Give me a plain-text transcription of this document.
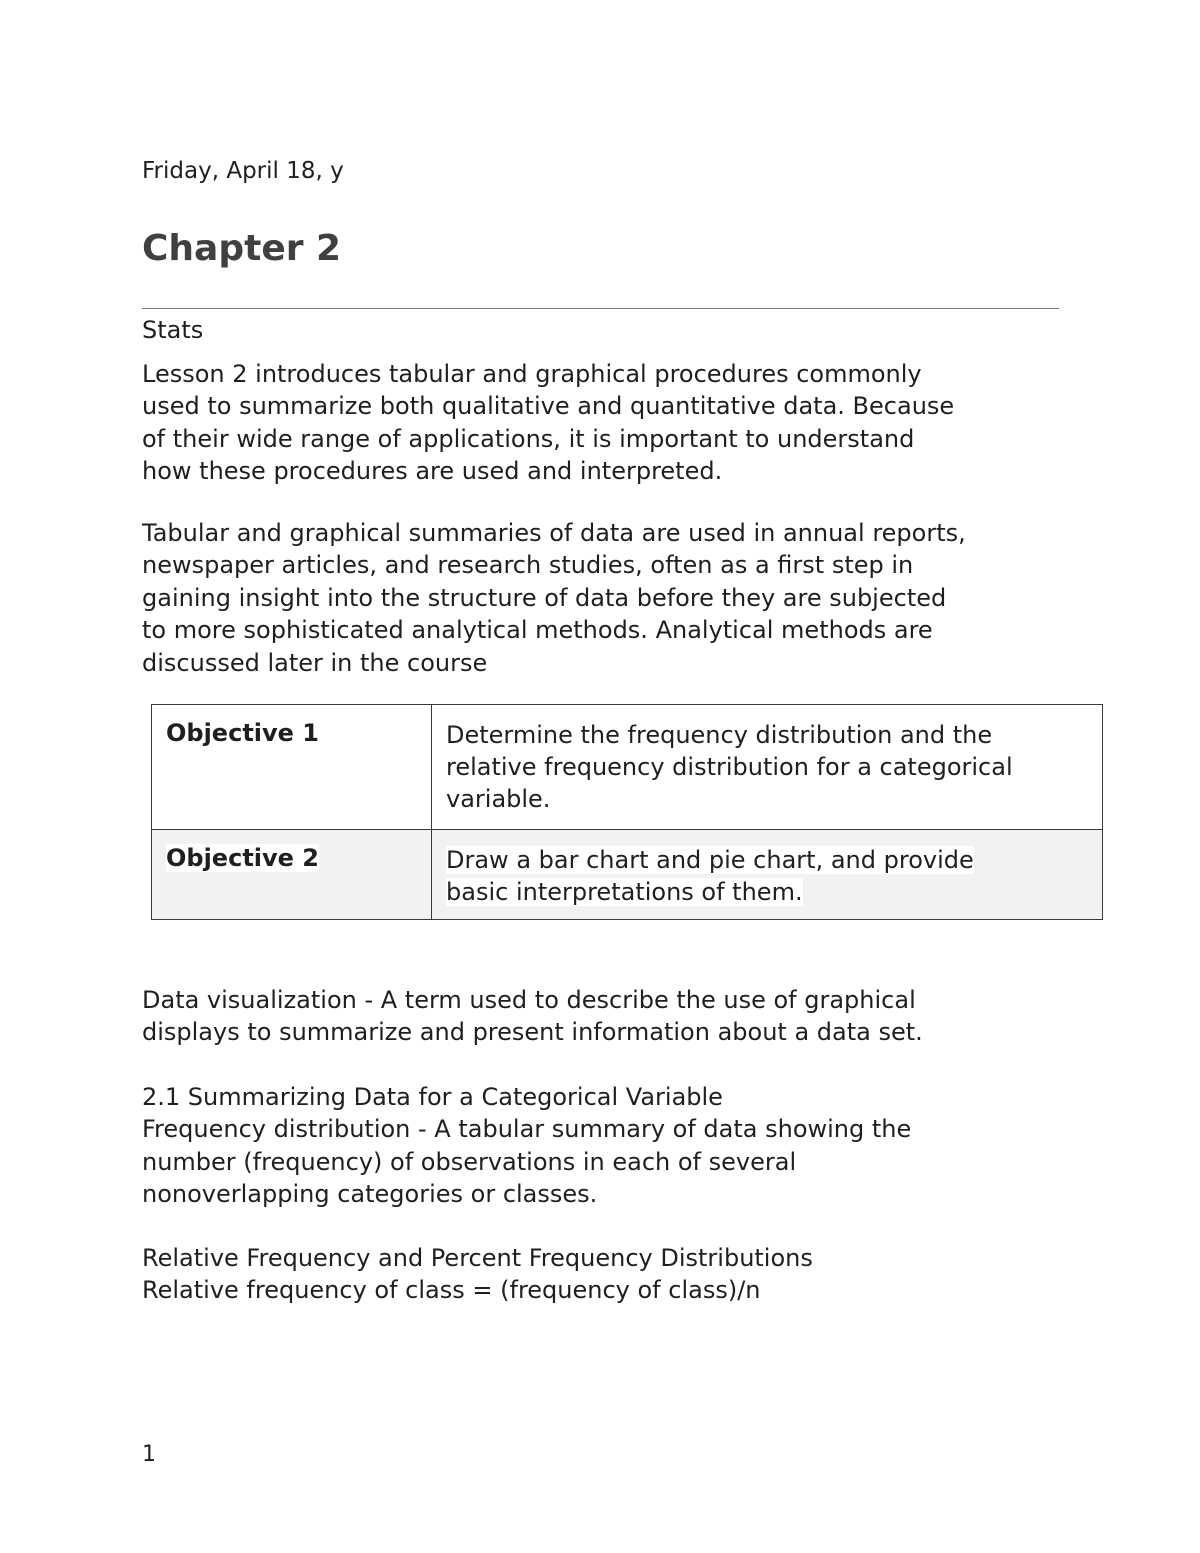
Friday, April 18, y
Chapter 2
Stats

Lesson 2 introduces tabular and graphical procedures commonly
used to summarize both qualitative and quantitative data. Because
of their wide range of applications, it is important to understand
how these procedures are used and interpreted.

Tabular and graphical summaries of data are used in annual reports,
newspaper articles, and research studies, often as a first step in
gaining insight into the structure of data before they are subjected
to more sophisticated analytical methods. Analytical methods are
discussed later in the course

Objective 1	Determine the frequency distribution and the
relative frequency distribution for a categorical
variable.

Objective 2	Draw a bar chart and pie chart, and provide
basic interpretations of them.

Data visualization - A term used to describe the use of graphical
displays to summarize and present information about a data set.

2.1 Summarizing Data for a Categorical Variable
Frequency distribution - A tabular summary of data showing the
number (frequency) of observations in each of several
nonoverlapping categories or classes.

Relative Frequency and Percent Frequency Distributions
Relative frequency of class = (frequency of class)/n

1
